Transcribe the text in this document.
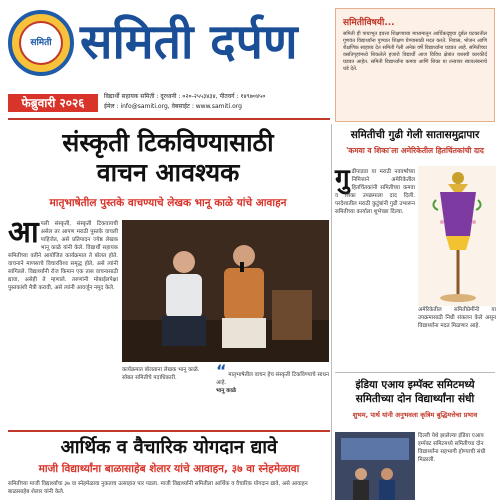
समिती समिती दर्पण
फेब्रुवारी २०२६	विद्यार्थी सहायक समिती : दूरध्वनी : ०२०-२५५३४३४, पीतवर्ग : १४९७०४५०
ईमेल : info@samiti.org, वेबसाईट : www.samiti.org
समितीविषयी...

समिती ही पायाभूत इयत्ता शिक्षणाच्या माध्यमातून आर्थिकदृष्ट्या दुर्बल घटकातील गुणवंत विद्यार्थ्यांना पुण्यात शिक्षण घेण्यासाठी मदत करते. निवास, भोजन आणि शैक्षणिक साहाय्य देत समिती गेली अनेक वर्षे विद्यार्थ्यांना घडवत आहे. समितीच्या वसतिगृहांमध्ये शिकलेले हजारो विद्यार्थी आज विविध क्षेत्रांत यशस्वी कारकीर्द घडवत आहेत. समिती विद्यार्थ्यांना कमवा आणि शिका या तत्त्वावर स्वावलंबनाचे धडे देते.

संस्कृती टिकविण्यासाठी
वाचन आवश्यक
मातृभाषेतील पुस्तके वाचण्याचे लेखक भानू काळे यांचे आवाहन
आपली संस्कृती, संस्कृती टिकवायची असेल तर आपण मराठी पुस्तके वाचली पाहिजेत, असे प्रतिपादन ज्येष्ठ लेखक भानू काळे यांनी केले. विद्यार्थी सहायक समितीच्या वतीने आयोजित कार्यक्रमात ते बोलत होते. वाचनाने माणसाचे विचारविश्व समृद्ध होते, असे त्यांनी सांगितले. विद्यार्थ्यांनी रोज किमान एक तास वाचनासाठी द्यावा, असेही ते म्हणाले. तरुणांनी मोबाईलपेक्षा पुस्तकांशी मैत्री करावी, असे त्यांनी आवर्जून नमूद केले.
कार्यक्रमात बोलताना लेखक भानू काळे. सोबत समितीचे पदाधिकारी.	“ मातृभाषेतील वाचन हेच संस्कृती टिकविण्याचे साधन आहे.
भानू काळे
आर्थिक व वैचारिक योगदान द्यावे
माजी विद्यार्थ्यांना बाळासाहेब शेलार यांचे आवाहन, ३७ वा स्नेहमेळावा
समितीच्या माजी विद्यार्थ्यांचा ३७ वा स्नेहमेळावा नुकताच उत्साहात पार पडला. माजी विद्यार्थ्यांनी समितीला आर्थिक व वैचारिक योगदान द्यावे, असे आवाहन बाळासाहेब शेलार यांनी केले.
समितीची गुढी गेली सातासमुद्रापार
'कमवा व शिका'ला अमेरिकेतील हितचिंतकांची दाद
गुढीपाडवा या मराठी नववर्षाच्या निमित्ताने अमेरिकेतील हितचिंतकांनी समितीच्या कमवा व शिका उपक्रमाला दाद दिली. परदेशातील मराठी कुटुंबांनी गुढी उभारून समितीच्या कार्याला शुभेच्छा दिल्या.
अमेरिकेतील समितीप्रेमींनी या उपक्रमासाठी निधी संकलन केले असून विद्यार्थ्यांना मदत मिळणार आहे.
इंडिया एआय इम्पॅक्ट समिटमध्ये समितीच्या दोन विद्यार्थ्यांना संधी
शुभम, पार्थ यांनी अनुभवला कृत्रिम बुद्धिमत्तेचा प्रभाव
दिल्ली येथे झालेल्या इंडिया एआय इम्पॅक्ट समिटमध्ये समितीच्या दोन विद्यार्थ्यांना सहभागी होण्याची संधी मिळाली.
